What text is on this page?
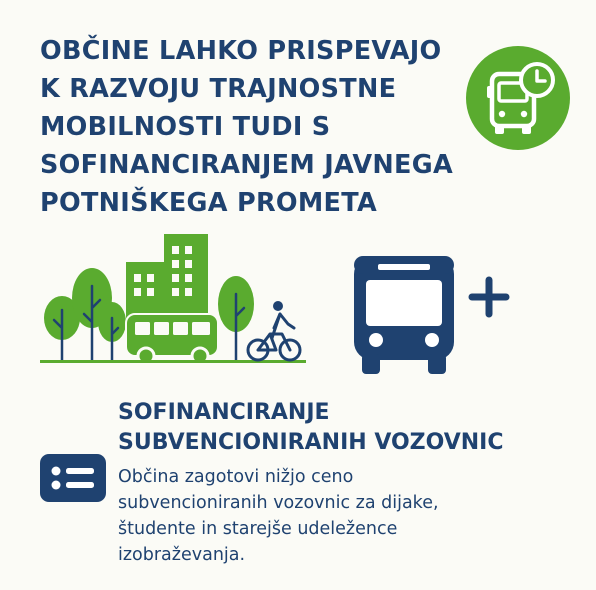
OBČINE LAHKO PRISPEVAJO
K RAZVOJU TRAJNOSTNE
MOBILNOSTI TUDI S
SOFINANCIRANJEM JAVNEGA
POTNIŠKEGA PROMETA
SOFINANCIRANJE
SUBVENCIONIRANIH VOZOVNIC

Občina zagotovi nižjo ceno
subvencioniranih vozovnic za dijake,
študente in starejše udeležence
izobraževanja.
